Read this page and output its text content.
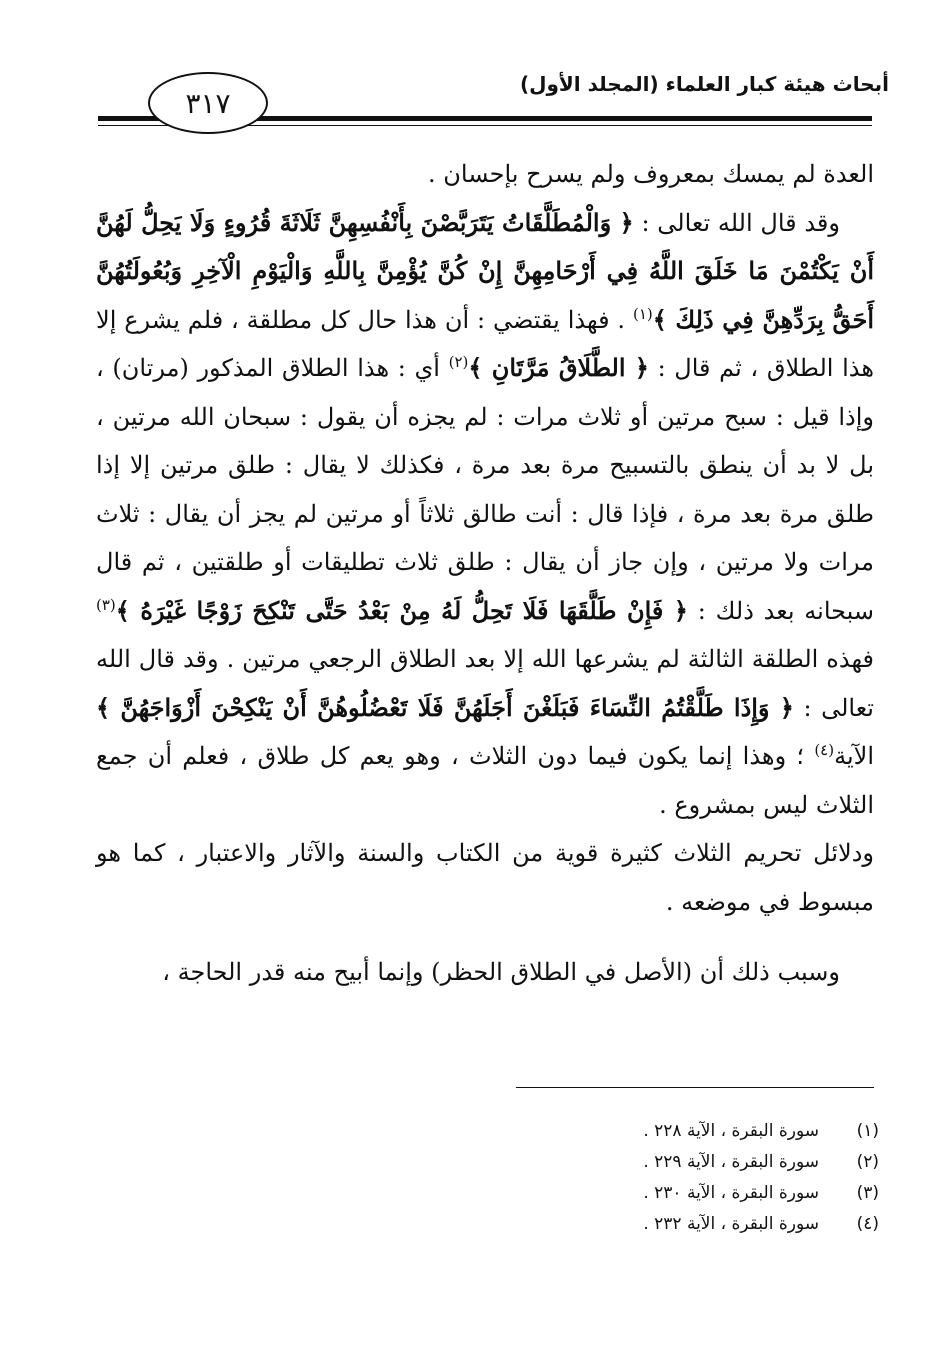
٣١٧
أبحاث هيئة كبار العلماء (المجلد الأول)

العدة لم يمسك بمعروف ولم يسرح بإحسان .

وقد قال الله تعالى : ﴿ وَالْمُطَلَّقَاتُ يَتَرَبَّصْنَ بِأَنْفُسِهِنَّ ثَلَاثَةَ قُرُوءٍ وَلَا يَحِلُّ لَهُنَّ أَنْ يَكْتُمْنَ مَا خَلَقَ اللَّهُ فِي أَرْحَامِهِنَّ إِنْ كُنَّ يُؤْمِنَّ بِاللَّهِ وَالْيَوْمِ الْآخِرِ وَبُعُولَتُهُنَّ أَحَقُّ بِرَدِّهِنَّ فِي ذَلِكَ ﴾$^{(١)}$ . فهذا يقتضي : أن هذا حال كل مطلقة ، فلم يشرع إلا هذا الطلاق ، ثم قال : ﴿ الطَّلَاقُ مَرَّتَانِ ﴾$^{(٢)}$ أي : هذا الطلاق المذكور (مرتان) ، وإذا قيل : سبح مرتين أو ثلاث مرات : لم يجزه أن يقول : سبحان الله مرتين ، بل لا بد أن ينطق بالتسبيح مرة بعد مرة ، فكذلك لا يقال : طلق مرتين إلا إذا طلق مرة بعد مرة ، فإذا قال : أنت طالق ثلاثاً أو مرتين لم يجز أن يقال : ثلاث مرات ولا مرتين ، وإن جاز أن يقال : طلق ثلاث تطليقات أو طلقتين ، ثم قال سبحانه بعد ذلك : ﴿ فَإِنْ طَلَّقَهَا فَلَا تَحِلُّ لَهُ مِنْ بَعْدُ حَتَّى تَنْكِحَ زَوْجًا غَيْرَهُ ﴾$^{(٣)}$ فهذه الطلقة الثالثة لم يشرعها الله إلا بعد الطلاق الرجعي مرتين . وقد قال الله تعالى : ﴿ وَإِذَا طَلَّقْتُمُ النِّسَاءَ فَبَلَغْنَ أَجَلَهُنَّ فَلَا تَعْضُلُوهُنَّ أَنْ يَنْكِحْنَ أَزْوَاجَهُنَّ ﴾ الآية$^{(٤)}$ ؛ وهذا إنما يكون فيما دون الثلاث ، وهو يعم كل طلاق ، فعلم أن جمع الثلاث ليس بمشروع .

ودلائل تحريم الثلاث كثيرة قوية من الكتاب والسنة والآثار والاعتبار ، كما هو مبسوط في موضعه .

وسبب ذلك أن (الأصل في الطلاق الحظر) وإنما أبيح منه قدر الحاجة ،

(١)
سورة البقرة ، الآية ٢٢٨ .
(٢)
سورة البقرة ، الآية ٢٢٩ .
(٣)
سورة البقرة ، الآية ٢٣٠ .
(٤)
سورة البقرة ، الآية ٢٣٢ .
